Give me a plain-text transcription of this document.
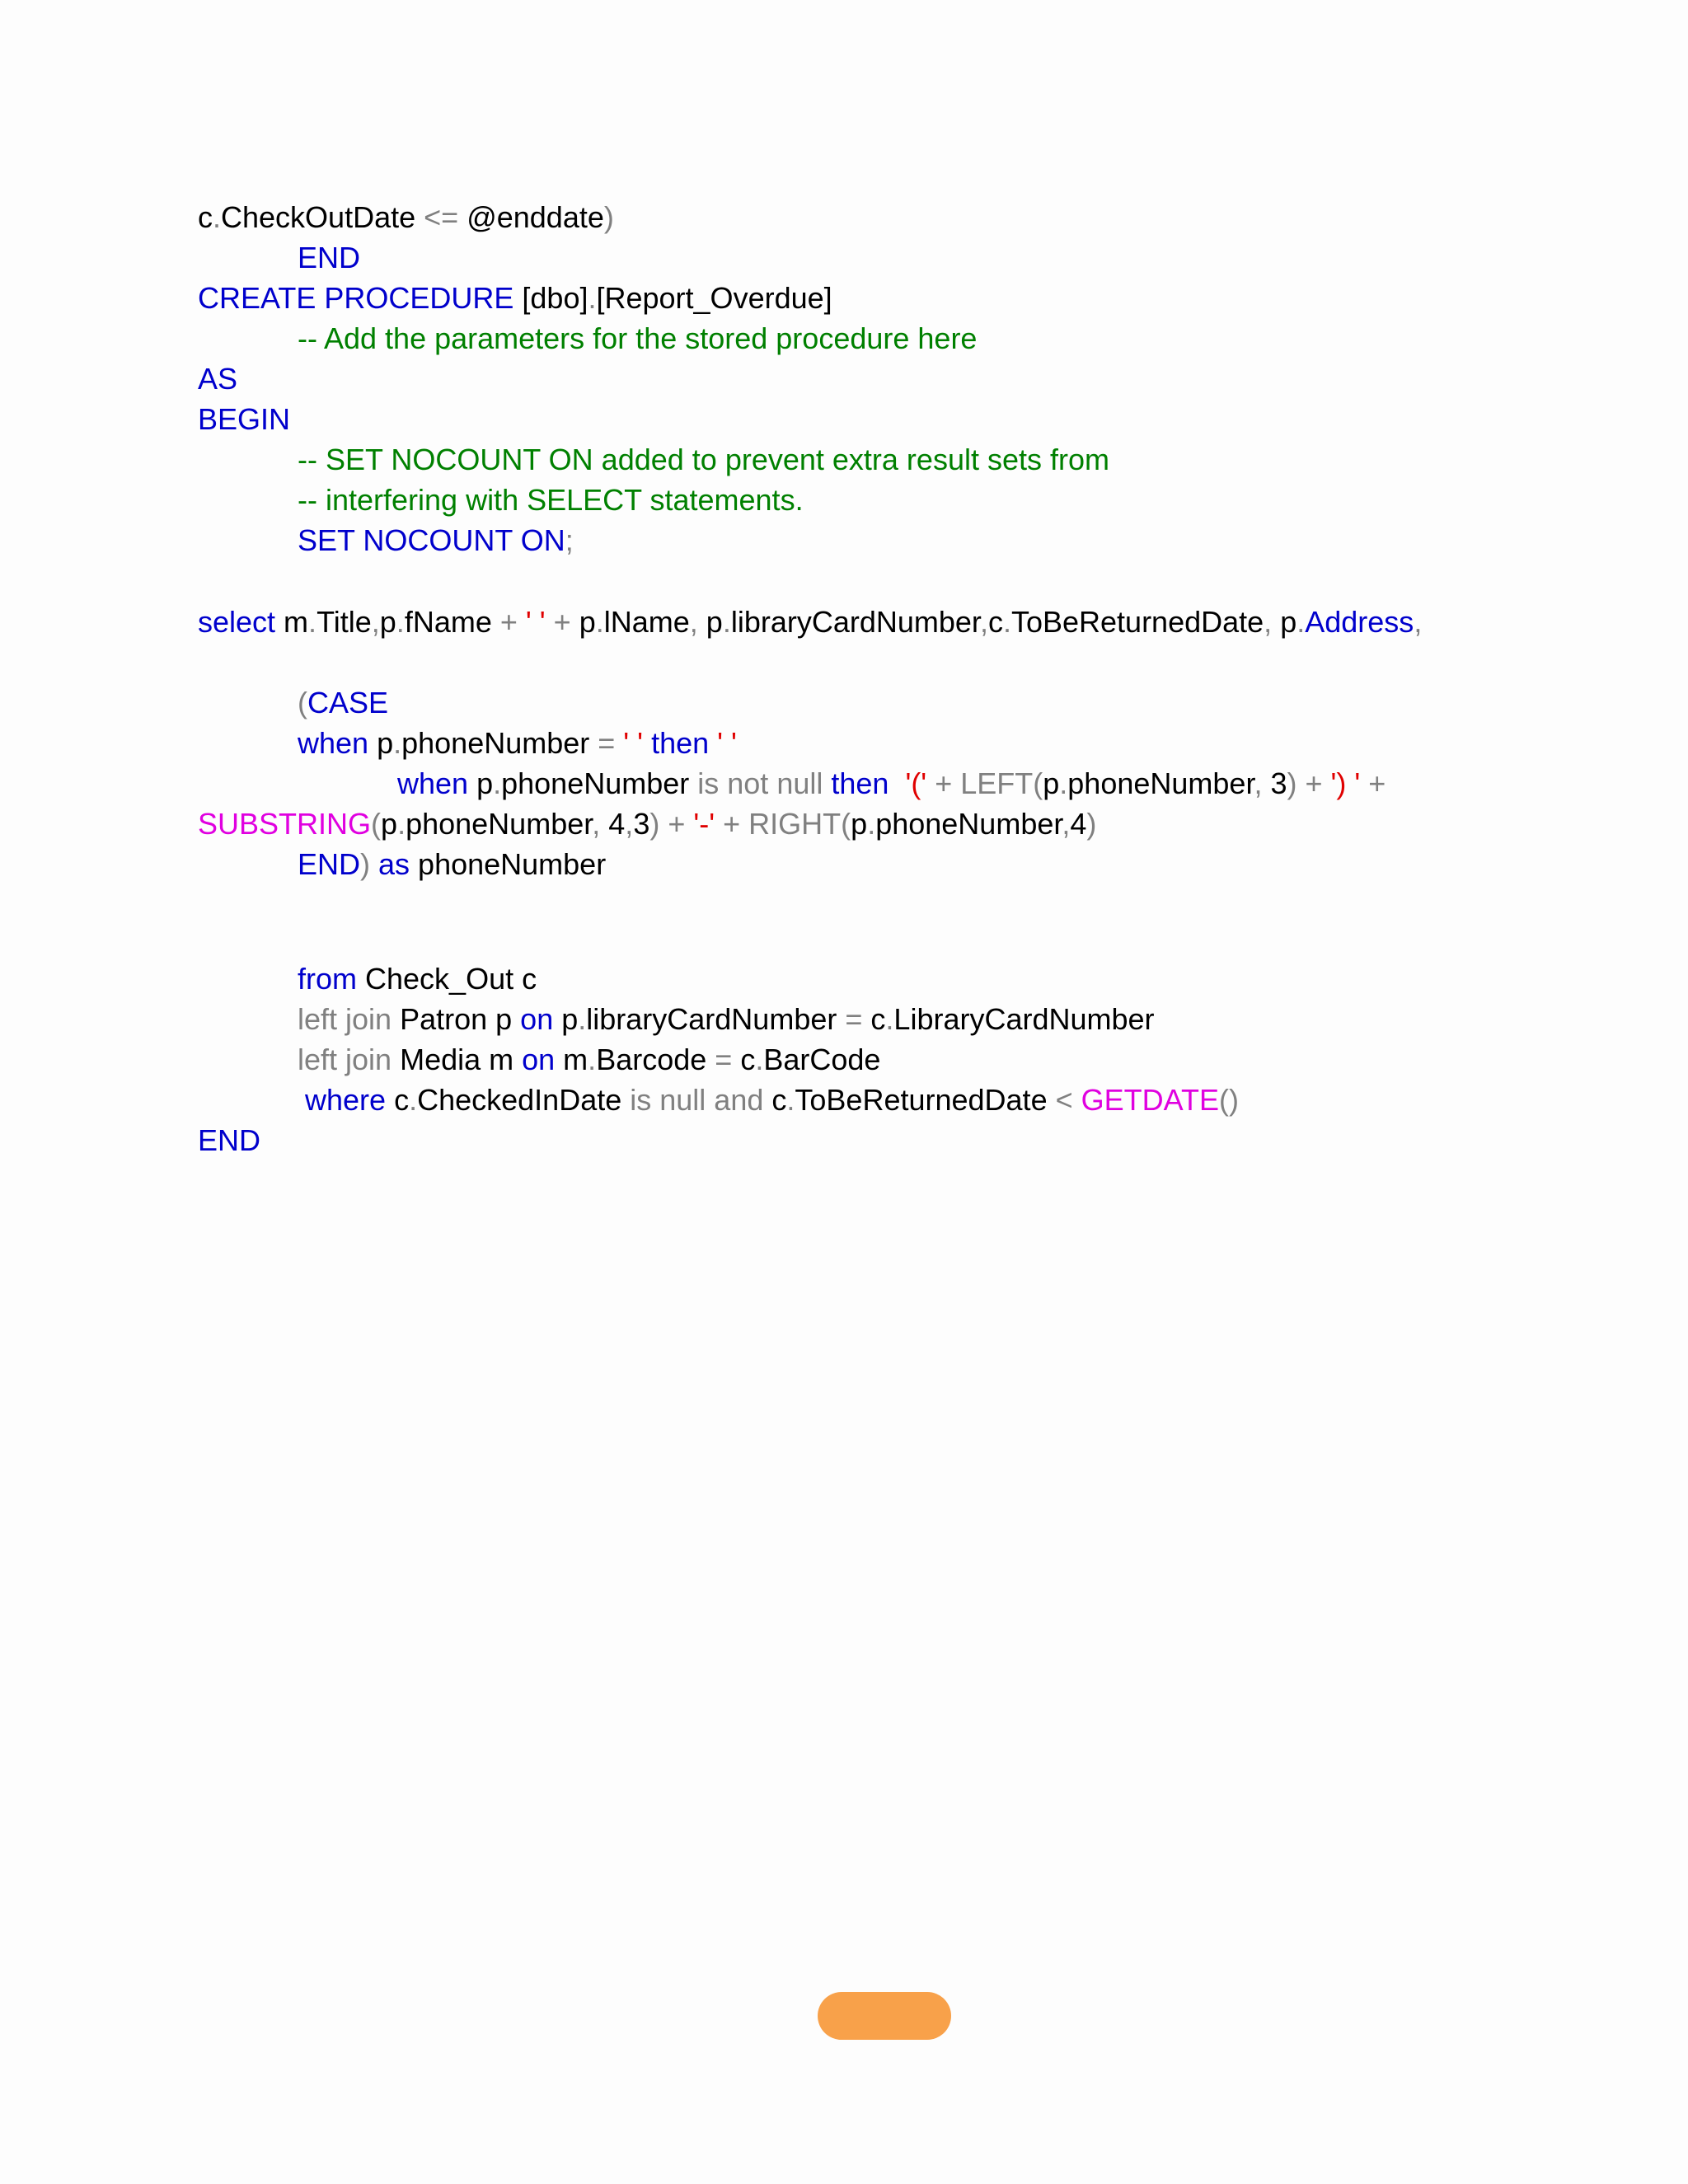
c.CheckOutDate <= @enddate)
END
CREATE PROCEDURE [dbo].[Report_Overdue]
-- Add the parameters for the stored procedure here
AS
BEGIN
-- SET NOCOUNT ON added to prevent extra result sets from
-- interfering with SELECT statements.
SET NOCOUNT ON;
select m.Title,p.fName + ' ' + p.lName, p.libraryCardNumber,c.ToBeReturnedDate, p.Address,
(CASE
when p.phoneNumber = ' ' then ' '
when p.phoneNumber is not null then  '(' + LEFT(p.phoneNumber, 3) + ') ' +
SUBSTRING(p.phoneNumber, 4,3) + '-' + RIGHT(p.phoneNumber,4)
END) as phoneNumber
from Check_Out c
left join Patron p on p.libraryCardNumber = c.LibraryCardNumber
left join Media m on m.Barcode = c.BarCode
where c.CheckedInDate is null and c.ToBeReturnedDate < GETDATE()
END
